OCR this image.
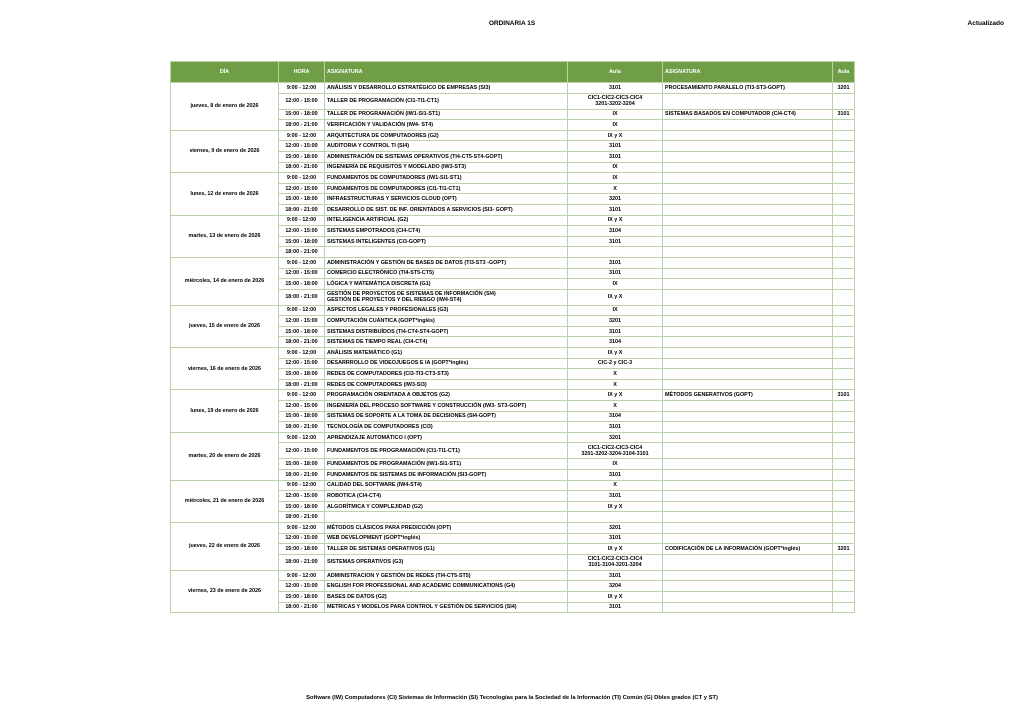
ORDINARIA 1S	Actualizado
DÍA	HORA	ASIGNATURA	Aula	ASIGNATURA	Aula
jueves, 8 de enero de 2026	9:00 - 12:00	ANÁLISIS Y DESARROLLO ESTRATÉGICO DE EMPRESAS (SI3)	3101	PROCESAMIENTO PARALELO (TI3-ST3-GOPT)	3201
	12:00 - 15:00	TALLER DE PROGRAMACIÓN (CI1-TI1-CT1)	CIC1-CIC2-CIC3-CIC4
3201-3202-3204		

	15:00 - 18:00	TALLER DE PROGRAMACIÓN (IW1-SI1-ST1)	IX	SISTEMAS BASADOS EN COMPUTADOR (CI4-CT4)	3101
	18:00 - 21:00	VERIFICACIÓN Y VALIDACIÓN (IW4- ST4)	IX		

viernes, 9 de enero de 2026	9:00 - 12:00	ARQUITECTURA DE COMPUTADORES (G2)	IX y X		

	12:00 - 15:00	AUDITORIA Y CONTROL TI (SI4)	3101		

	15:00 - 18:00	ADMINISTRACIÓN DE SISTEMAS OPERATIVOS (TI4-CT5-ST4-GOPT)	3101		

	18:00 - 21:00	INGENIERÍA DE REQUISITOS Y MODELADO (IW3-ST3)	IX		

lunes, 12 de enero de 2026	9:00 - 12:00	FUNDAMENTOS DE COMPUTADORES (IW1-SI1-ST1)	IX		

	12:00 - 15:00	FUNDAMENTOS DE COMPUTADORES (CI1-TI1-CT1)	X		

	15:00 - 18:00	INFRAESTRUCTURAS Y SERVICIOS CLOUD (OPT)	3201		

	18:00 - 21:00	DESARROLLO DE SIST. DE INF. ORIENTADOS A SERVICIOS (SI3- GOPT)	3101		

martes, 13 de enero de 2026	9:00 - 12:00	INTELIGENCIA ARTIFICIAL (G2)	IX y X		

	12:00 - 15:00	SISTEMAS EMPOTRADOS (CI4-CT4)	3104		

	15:00 - 18:00	SISTEMAS INTELIGENTES (CI3-GOPT)	3101		

	18:00 - 21:00	

miércoles, 14 de enero de 2026	9:00 - 12:00	ADMINISTRACIÓN Y GESTIÓN DE BASES DE DATOS (TI3-ST3 -GOPT)	3101		

	12:00 - 15:00	COMERCIO ELECTRÓNICO (TI4-ST5-CT5)	3101		

	15:00 - 18:00	LÓGICA Y MATEMÁTICA DISCRETA (G1)	IX		

	18:00 - 21:00	GESTIÓN DE PROYECTOS DE SISTEMAS DE INFORMACIÓN (SI4)
GESTIÓN DE PROYECTOS Y DEL RIESGO (IW4-ST4)	IX y X		

jueves, 15 de enero de 2026	9:00 - 12:00	ASPECTOS LEGALES Y PROFESIONALES (G3)	IX		

	12:00 - 15:00	COMPUTACIÓN CUÁNTICA (GOPT*inglés)	3201		

	15:00 - 18:00	SISTEMAS DISTRIBUÍDOS (TI4-CT4-ST4-GOPT)	3101		

	18:00 - 21:00	SISTEMAS DE TIEMPO REAL (CI4-CT4)	3104		

viernes, 16 de enero de 2026	9:00 - 12:00	ANÁLISIS MATEMÁTICO (G1)	IX y X		

	12:00 - 15:00	DESARRROLLO DE VIDEOJUEGOS E IA (GOPT*inglés)	CIC-2 y CIC-3		

	15:00 - 18:00	REDES DE COMPUTADORES (CI3-TI3-CT3-ST3)	X		

	18:00 - 21:00	REDES DE COMPUTADORES (IW3-SI3)	X		

lunes, 19 de enero de 2026	9:00 - 12:00	PROGRAMACIÓN ORIENTADA A OBJETOS (G2)	IX y X	MÉTODOS GENERATIVOS (GOPT)	3101
	12:00 - 15:00	INGENIERÍA DEL PROCESO SOFTWARE Y CONSTRUCCIÓN (IW3- ST3-GOPT)	X		

	15:00 - 18:00	SISTEMAS DE SOPORTE A LA TOMA DE DECISIONES (SI4-GOPT)	3104		

	18:00 - 21:00	TECNOLOGÍA DE COMPUTADORES (CI3)	3101		

martes, 20 de enero de 2026	9:00 - 12:00	APRENDIZAJE AUTOMÁTICO I (OPT)	3201		

	12:00 - 15:00	FUNDAMENTOS DE PROGRAMACIÓN (CI1-TI1-CT1)	CIC1-CIC2-CIC3-CIC4
3201-3202-3204-3104-3101		

	15:00 - 18:00	FUNDAMENTOS DE PROGRAMACIÓN (IW1-SI1-ST1)	IX		

	18:00 - 21:00	FUNDAMENTOS DE SISTEMAS DE INFORMACIÓN (SI3-GOPT)	3101		

miércoles, 21 de enero de 2026	9:00 - 12:00	CALIDAD DEL SOFTWARE (IW4-ST4)	X		

	12:00 - 15:00	ROBOTICA (CI4-CT4)	3101		

	15:00 - 18:00	ALGORÍTMICA Y COMPLEJIDAD (G2)	IX y X		

	18:00 - 21:00	

jueves, 22 de enero de 2026	9:00 - 12:00	MÉTODOS CLÁSICOS PARA PREDICCIÓN (OPT)	3201		

	12:00 - 15:00	WEB DEVELOPMENT (GOPT*inglés)	3101		

	15:00 - 18:00	TALLER DE SISTEMAS OPERATIVOS (G1)	IX y X	CODIFICACIÓN DE LA INFORMACIÓN (GOPT*inglés)	3201
	18:00 - 21:00	SISTEMAS OPERATIVOS (G3)	CIC1-CIC2-CIC3-CIC4
3101-3104-3201-3204		

viernes, 23 de enero de 2026	9:00 - 12:00	ADMINISTRACION Y GESTIÓN DE REDES (TI4-CT5-ST5)	3101		

	12:00 - 15:00	ENGLISH FOR PROFESSIONAL AND ACADEMIC COMMUNICATIONS (G4)	3204		

	15:00 - 18:00	BASES DE DATOS (G2)	IX y X		

	18:00 - 21:00	METRICAS Y MODELOS PARA CONTROL Y GESTIÓN DE SERVICIOS (SI4)	3101		

Software (IW) Computadores (CI) Sistemas de Información (SI) Tecnologías para la Sociedad de la Información (TI) Común (G) Dbles grados (CT y ST)
